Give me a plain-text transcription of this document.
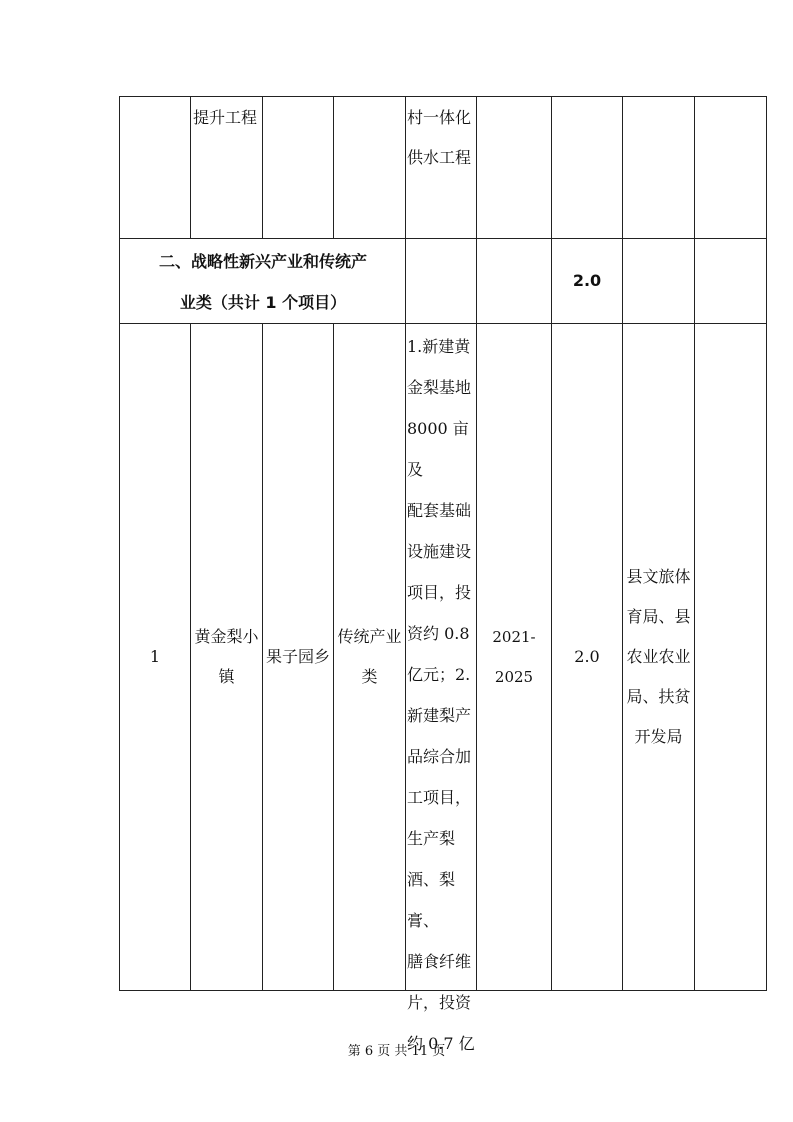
提升工程	村一体化
供水工程
二、战略性新兴产业和传统产
业类（共计 1 个项目）
2.0
1
黄金梨小
镇
果子园乡
传统产业
类
1.新建黄
金梨基地
8000 亩及
配套基础
设施建设
项目，投
资约 0.8
亿元；2.
新建梨产
品综合加
工项目，
生产梨
酒、梨膏、
膳食纤维
片，投资
约 0.7 亿
2021-2025
2.0
县文旅体
育局、县
农业农业
局、扶贫
开发局
第 6 页 共 11 页
